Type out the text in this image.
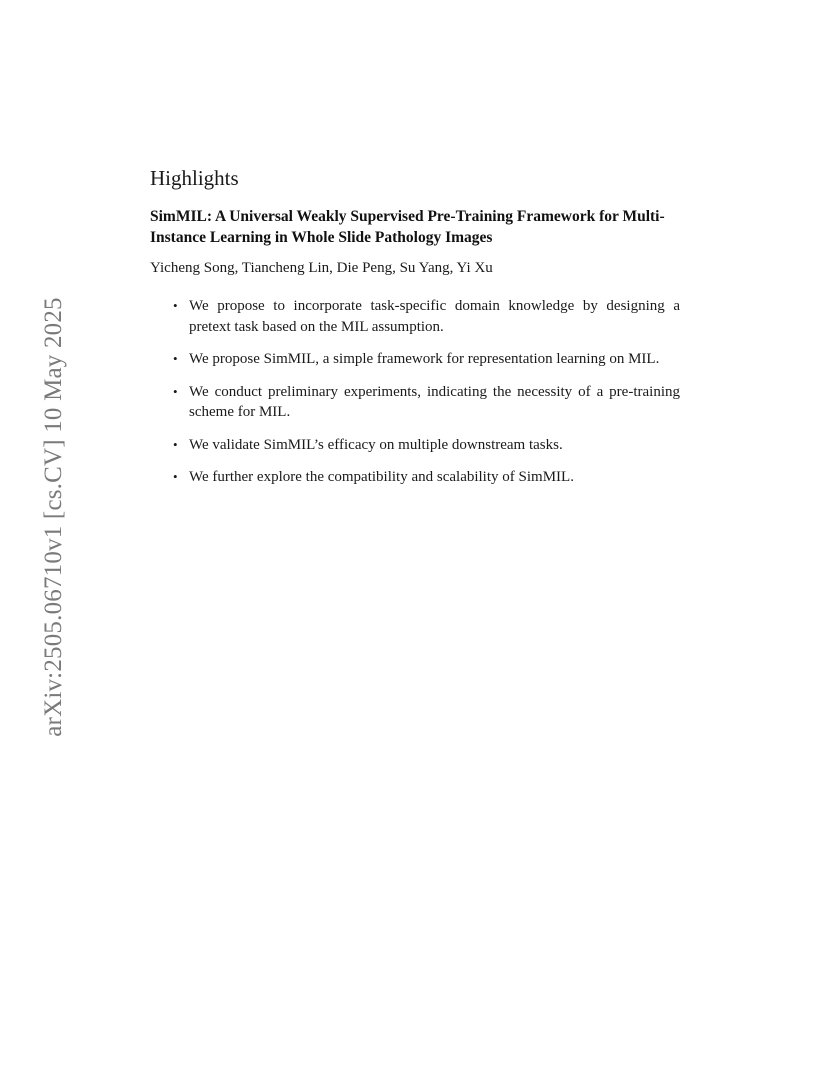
arXiv:2505.06710v1 [cs.CV] 10 May 2025
Highlights
SimMIL: A Universal Weakly Supervised Pre-Training Framework for Multi-Instance Learning in Whole Slide Pathology Images
Yicheng Song, Tiancheng Lin, Die Peng, Su Yang, Yi Xu
• We propose to incorporate task-specific domain knowledge by designing a pretext task based on the MIL assumption.
• We propose SimMIL, a simple framework for representation learning on MIL.
• We conduct preliminary experiments, indicating the necessity of a pre-training scheme for MIL.
• We validate SimMIL’s efficacy on multiple downstream tasks.
• We further explore the compatibility and scalability of SimMIL.
